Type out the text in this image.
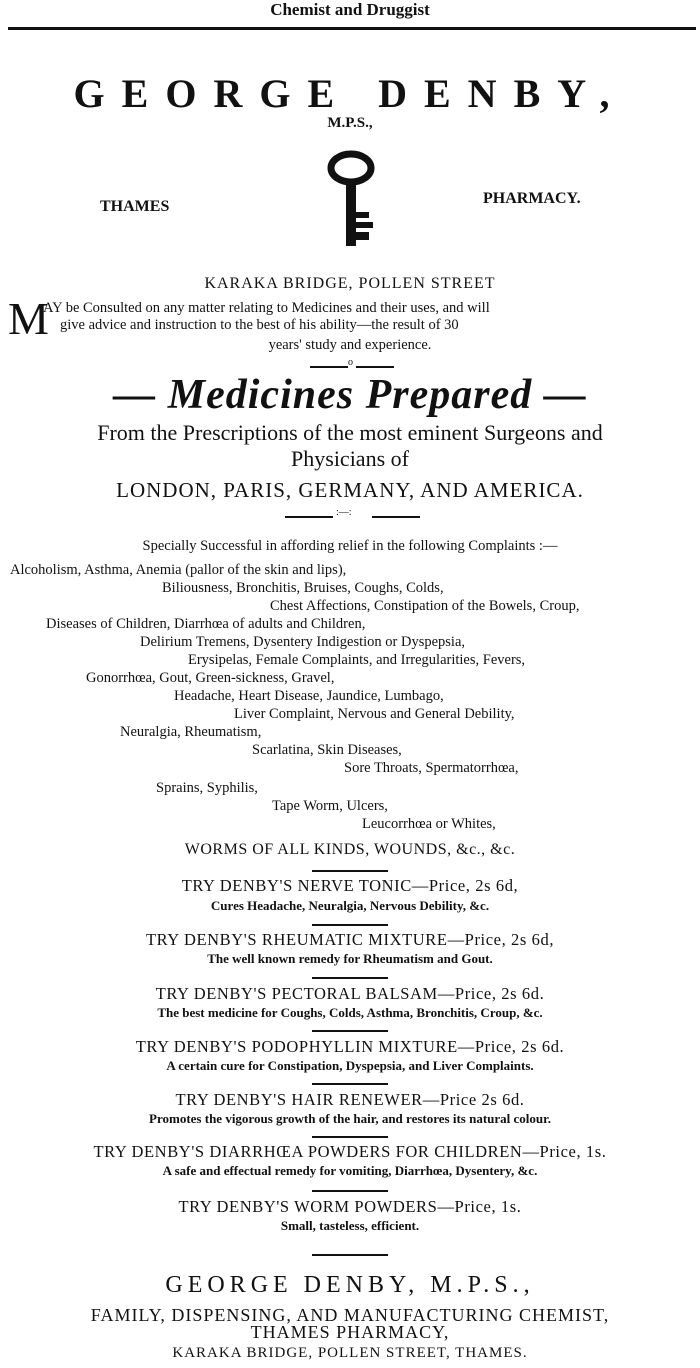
Chemist and Druggist
GEORGE DENBY,
M.P.S.,
THAMES	PHARMACY.
KARAKA BRIDGE, POLLEN STREET
M
AY be Consulted on any matter relating to Medicines and their uses, and will
give advice and instruction to the best of his ability—the result of 30
years' study and experience.
o
— Medicines Prepared —
From the Prescriptions of the most eminent Surgeons and
Physicians of
LONDON, PARIS, GERMANY, AND AMERICA.
:—:
Specially Successful in affording relief in the following Complaints :—
Alcoholism, Asthma, Anemia (pallor of the skin and lips),
Biliousness, Bronchitis, Bruises, Coughs, Colds,
Chest Affections, Constipation of the Bowels, Croup,
Diseases of Children, Diarrhœa of adults and Children,
Delirium Tremens, Dysentery Indigestion or Dyspepsia,
Erysipelas, Female Complaints, and Irregularities, Fevers,
Gonorrhœa, Gout, Green-sickness, Gravel,
Headache, Heart Disease, Jaundice, Lumbago,
Liver Complaint, Nervous and General Debility,
Neuralgia, Rheumatism,
Scarlatina, Skin Diseases,
Sore Throats, Spermatorrhœa,
Sprains, Syphilis,
Tape Worm, Ulcers,
Leucorrhœa or Whites,
WORMS OF ALL KINDS, WOUNDS, &c., &c.
TRY DENBY'S NERVE TONIC—Price, 2s 6d,
Cures Headache, Neuralgia, Nervous Debility, &c.
TRY DENBY'S RHEUMATIC MIXTURE—Price, 2s 6d,
The well known remedy for Rheumatism and Gout.
TRY DENBY'S PECTORAL BALSAM—Price, 2s 6d.
The best medicine for Coughs, Colds, Asthma, Bronchitis, Croup, &c.
TRY DENBY'S PODOPHYLLIN MIXTURE—Price, 2s 6d.
A certain cure for Constipation, Dyspepsia, and Liver Complaints.
TRY DENBY'S HAIR RENEWER—Price 2s 6d.
Promotes the vigorous growth of the hair, and restores its natural colour.
TRY DENBY'S DIARRHŒA POWDERS FOR CHILDREN—Price, 1s.
A safe and effectual remedy for vomiting, Diarrhœa, Dysentery, &c.
TRY DENBY'S WORM POWDERS—Price, 1s.
Small, tasteless, efficient.
GEORGE DENBY, M.P.S.,
FAMILY, DISPENSING, AND MANUFACTURING CHEMIST,
THAMES PHARMACY,
KARAKA BRIDGE, POLLEN STREET, THAMES.
